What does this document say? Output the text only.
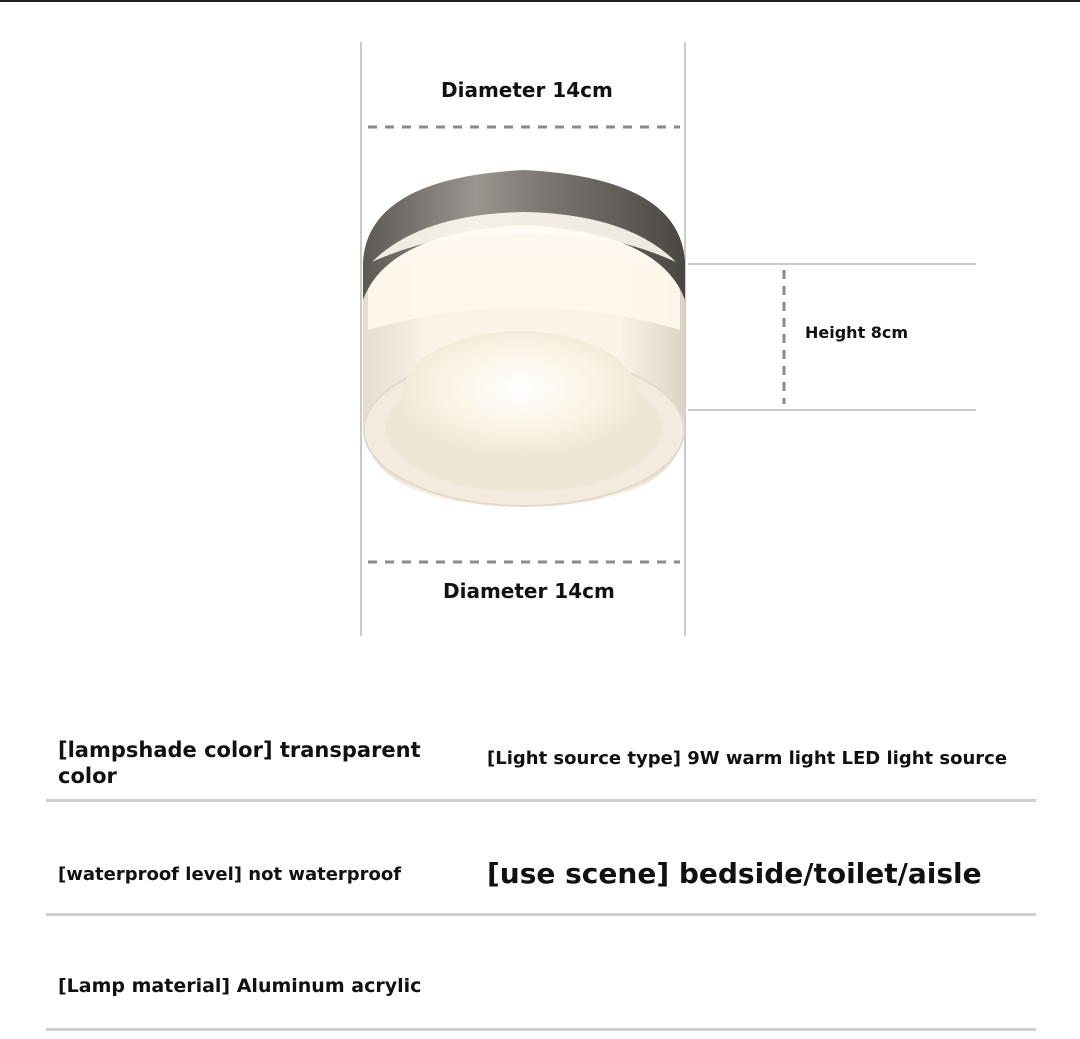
Diameter 14cm
Diameter 14cm
Height 8cm
[lampshade color] transparent color
[Light source type] 9W warm light LED light source
[waterproof level] not waterproof	[use scene] bedside/toilet/aisle
[Lamp material] Aluminum acrylic
